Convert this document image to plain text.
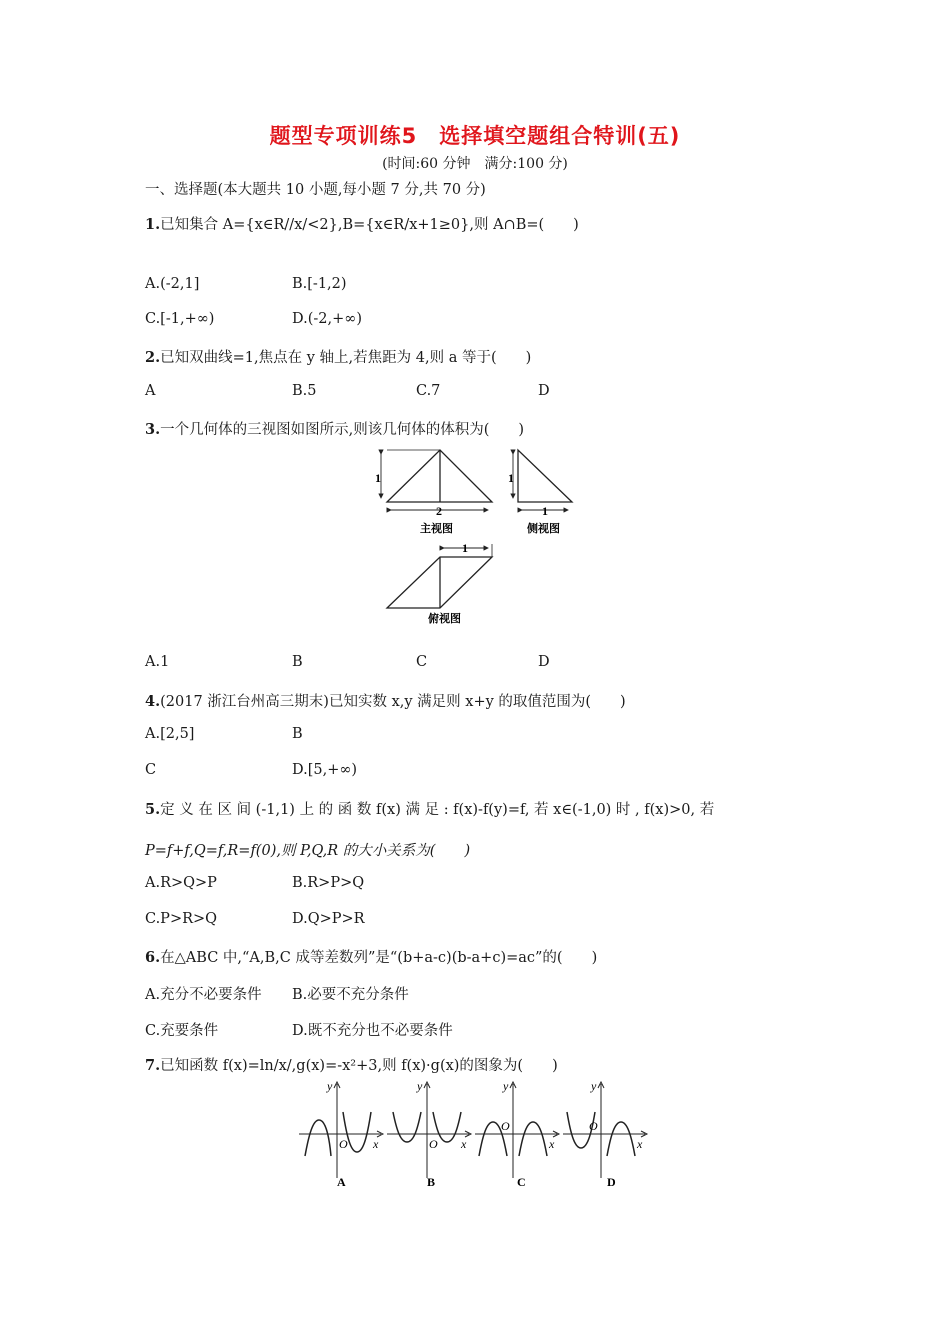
题型专项训练5　选择填空题组合特训(五)
(时间:60 分钟　满分:100 分)
一、选择题(本大题共 10 小题,每小题 7 分,共 70 分)
1.已知集合 A={x∈R//x/<2},B={x∈R/x+1≥0},则 A∩B=(　　)
A.(-2,1]	B.[-1,2)
C.[-1,+∞)	D.(-2,+∞)
2.已知双曲线=1,焦点在 y 轴上,若焦距为 4,则 a 等于(　　)
A	B.5	C.7	D
3.一个几何体的三视图如图所示,则该几何体的体积为(　　)
1
2
主视图
1
1
侧视图
1
俯视图
A.1	B	C	D
4.(2017 浙江台州高三期末)已知实数 x,y 满足则 x+y 的取值范围为(　　)
A.[2,5]	B
C	D.[5,+∞)
5.定 义 在 区 间 (-1,1) 上 的 函 数 f(x) 满 足 : f(x)-f(y)=f, 若 x∈(-1,0) 时 , f(x)>0, 若
P=f+f,Q=f,R=f(0),则 P,Q,R 的大小关系为(　　)
A.R>Q>P	B.R>P>Q
C.P>R>Q	D.Q>P>R
6.在△ABC 中,“A,B,C 成等差数列”是“(b+a-c)(b-a+c)=ac”的(　　)
A.充分不必要条件 B.必要不充分条件
C.充要条件	D.既不充分也不必要条件
7.已知函数 f(x)=ln/x/,g(x)=-x²+3,则 f(x)·g(x)的图象为(　　)
y
x
O
A
y
x
O
B
y
x
O
C
y
x
O
D
